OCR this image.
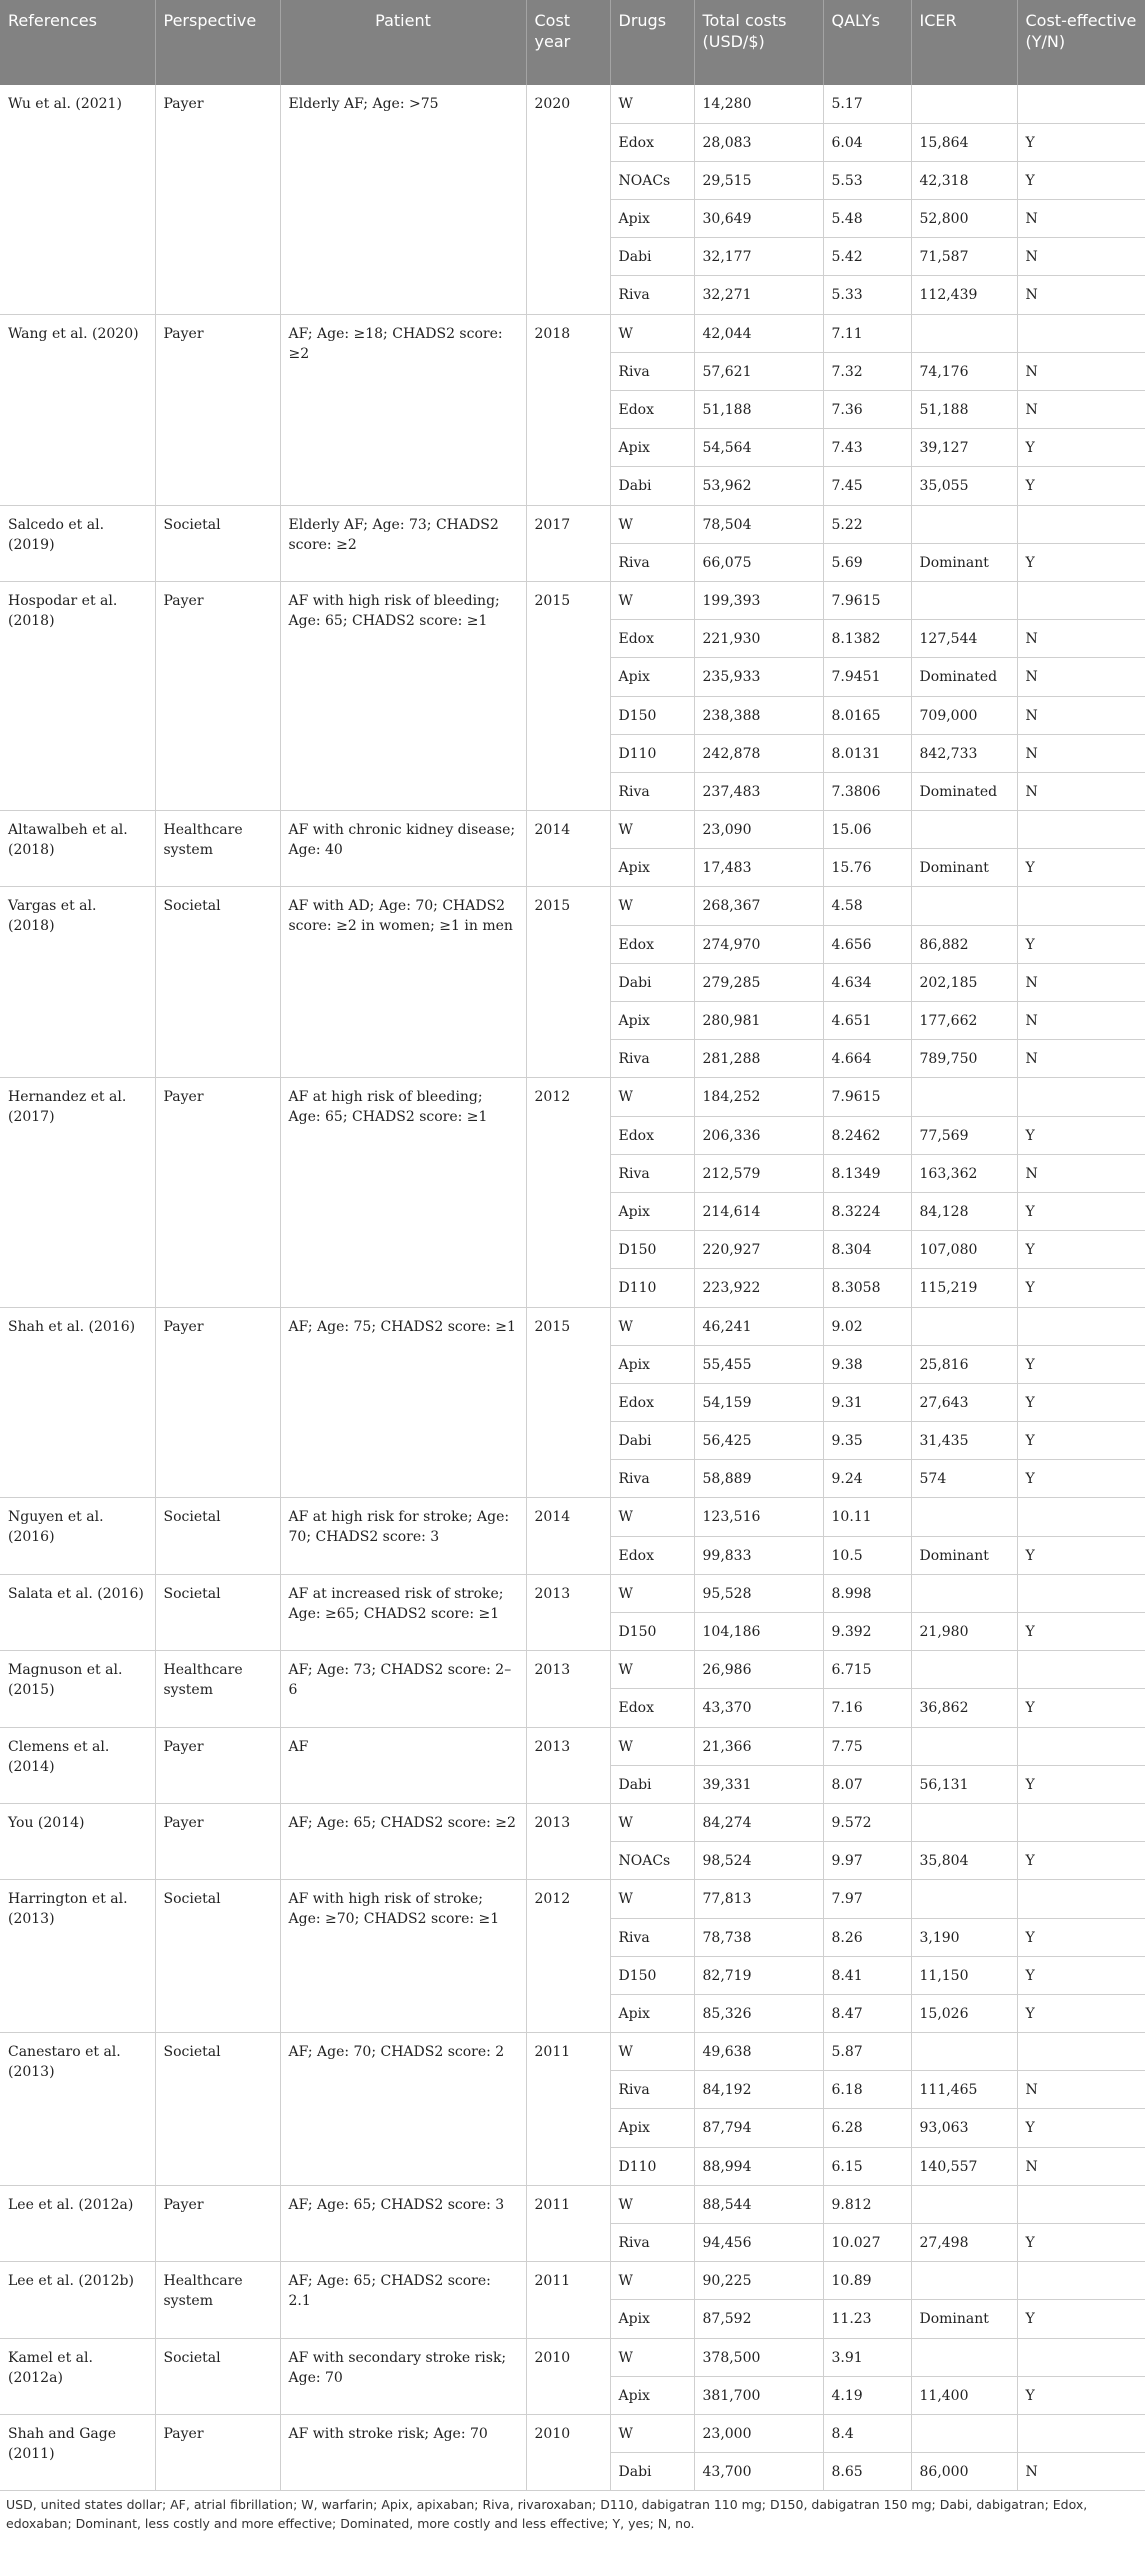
References	Perspective	Patient	Cost year	Drugs	Total costs (USD/$)	QALYs	ICER	Cost-effective (Y/N)
Wu et al. (2021)	Payer	Elderly AF; Age: >75	2020	W	14,280	5.17		
				Edox	28,083	6.04	15,864	Y
				NOACs	29,515	5.53	42,318	Y
				Apix	30,649	5.48	52,800	N
				Dabi	32,177	5.42	71,587	N
				Riva	32,271	5.33	112,439	N
Wang et al. (2020)	Payer	AF; Age: ≥18; CHADS2 score: ≥2	2018	W	42,044	7.11		
				Riva	57,621	7.32	74,176	N
				Edox	51,188	7.36	51,188	N
				Apix	54,564	7.43	39,127	Y
				Dabi	53,962	7.45	35,055	Y
Salcedo et al. (2019)	Societal	Elderly AF; Age: 73; CHADS2 score: ≥2	2017	W	78,504	5.22		
				Riva	66,075	5.69	Dominant	Y
Hospodar et al. (2018)	Payer	AF with high risk of bleeding; Age: 65; CHADS2 score: ≥1	2015	W	199,393	7.9615		
				Edox	221,930	8.1382	127,544	N
				Apix	235,933	7.9451	Dominated	N
				D150	238,388	8.0165	709,000	N
				D110	242,878	8.0131	842,733	N
				Riva	237,483	7.3806	Dominated	N
Altawalbeh et al. (2018)	Healthcare system	AF with chronic kidney disease; Age: 40	2014	W	23,090	15.06		
				Apix	17,483	15.76	Dominant	Y
Vargas et al. (2018)	Societal	AF with AD; Age: 70; CHADS2 score: ≥2 in women; ≥1 in men	2015	W	268,367	4.58		
				Edox	274,970	4.656	86,882	Y
				Dabi	279,285	4.634	202,185	N
				Apix	280,981	4.651	177,662	N
				Riva	281,288	4.664	789,750	N
Hernandez et al. (2017)	Payer	AF at high risk of bleeding; Age: 65; CHADS2 score: ≥1	2012	W	184,252	7.9615		
				Edox	206,336	8.2462	77,569	Y
				Riva	212,579	8.1349	163,362	N
				Apix	214,614	8.3224	84,128	Y
				D150	220,927	8.304	107,080	Y
				D110	223,922	8.3058	115,219	Y
Shah et al. (2016)	Payer	AF; Age: 75; CHADS2 score: ≥1	2015	W	46,241	9.02		
				Apix	55,455	9.38	25,816	Y
				Edox	54,159	9.31	27,643	Y
				Dabi	56,425	9.35	31,435	Y
				Riva	58,889	9.24	574	Y
Nguyen et al. (2016)	Societal	AF at high risk for stroke; Age: 70; CHADS2 score: 3	2014	W	123,516	10.11		
				Edox	99,833	10.5	Dominant	Y
Salata et al. (2016)	Societal	AF at increased risk of stroke; Age: ≥65; CHADS2 score: ≥1	2013	W	95,528	8.998		
				D150	104,186	9.392	21,980	Y
Magnuson et al. (2015)	Healthcare system	AF; Age: 73; CHADS2 score: 2–6	2013	W	26,986	6.715		
				Edox	43,370	7.16	36,862	Y
Clemens et al. (2014)	Payer	AF	2013	W	21,366	7.75		
				Dabi	39,331	8.07	56,131	Y
You (2014)	Payer	AF; Age: 65; CHADS2 score: ≥2	2013	W	84,274	9.572		
				NOACs	98,524	9.97	35,804	Y
Harrington et al. (2013)	Societal	AF with high risk of stroke; Age: ≥70; CHADS2 score: ≥1	2012	W	77,813	7.97		
				Riva	78,738	8.26	3,190	Y
				D150	82,719	8.41	11,150	Y
				Apix	85,326	8.47	15,026	Y
Canestaro et al. (2013)	Societal	AF; Age: 70; CHADS2 score: 2	2011	W	49,638	5.87		
				Riva	84,192	6.18	111,465	N
				Apix	87,794	6.28	93,063	Y
				D110	88,994	6.15	140,557	N
Lee et al. (2012a)	Payer	AF; Age: 65; CHADS2 score: 3	2011	W	88,544	9.812		
				Riva	94,456	10.027	27,498	Y
Lee et al. (2012b)	Healthcare system	AF; Age: 65; CHADS2 score: 2.1	2011	W	90,225	10.89		
				Apix	87,592	11.23	Dominant	Y
Kamel et al. (2012a)	Societal	AF with secondary stroke risk; Age: 70	2010	W	378,500	3.91		
				Apix	381,700	4.19	11,400	Y
Shah and Gage (2011)	Payer	AF with stroke risk; Age: 70	2010	W	23,000	8.4		
				Dabi	43,700	8.65	86,000	N
USD, united states dollar; AF, atrial fibrillation; W, warfarin; Apix, apixaban; Riva, rivaroxaban; D110, dabigatran 110 mg; D150, dabigatran 150 mg; Dabi, dabigatran; Edox, edoxaban; Dominant, less costly and more effective; Dominated, more costly and less effective; Y, yes; N, no.
